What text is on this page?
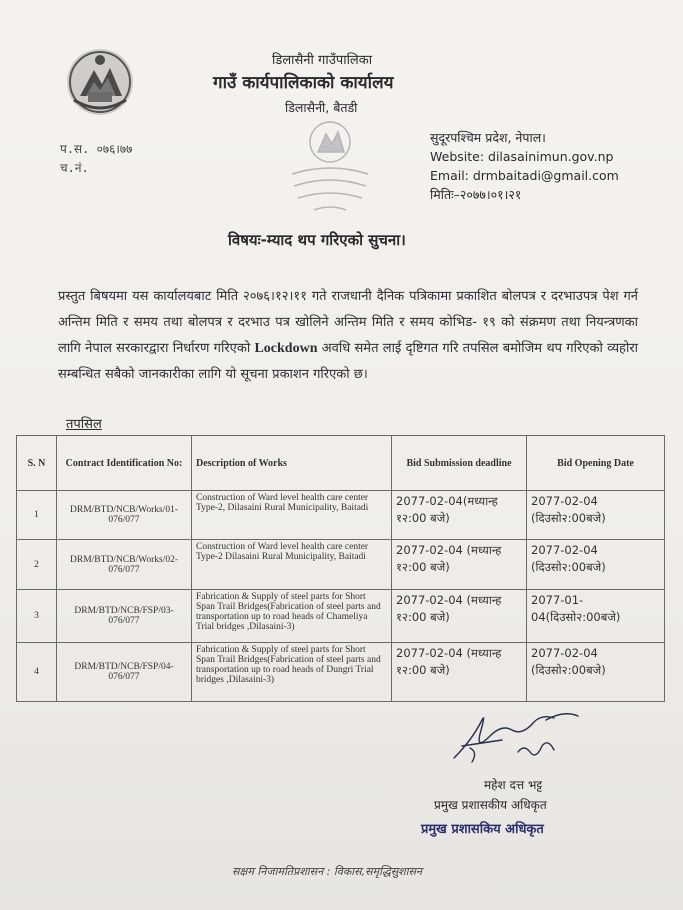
डिलासैनी गाउँपालिका
गाउँ कार्यपालिकाको कार्यालय
डिलासैनी, बैतडी
प.स. ०७६।७७
च.नं.
सुदूरपश्चिम प्रदेश, नेपाल।
Website: dilasainimun.gov.np
Email: drmbaitadi@gmail.com
मितिः–२०७७।०१।२१
विषयः-म्याद थप गरिएको सुचना।
प्रस्तुत बिषयमा यस कार्यालयबाट मिति २०७६।१२।११ गते राजधानी दैनिक पत्रिकामा प्रकाशित बोलपत्र र दरभाउपत्र पेश गर्न अन्तिम मिति र समय तथा बोलपत्र र दरभाउ पत्र खोलिने अन्तिम मिति र समय कोभिड- १९ को संक्रमण तथा नियन्त्रणका लागि नेपाल सरकारद्वारा निर्धारण गरिएको Lockdown अवधि समेत लाई दृष्टिगत गरि तपसिल बमोजिम थप गरिएको व्यहोरा सम्बन्धित सबैको जानकारीका लागि यो सूचना प्रकाशन गरिएको छ।
तपसिल
S. N	Contract Identification No:	Description of Works	Bid Submission deadline	Bid Opening Date
1	DRM/BTD/NCB/Works/01-076/077	Construction of Ward level health care center Type-2, Dilasaini Rural Municipality, Baitadi	2077-02-04(मध्यान्ह १२:00 बजे)	2077-02-04 (दिउसो२:00बजे)
2	DRM/BTD/NCB/Works/02-076/077	Construction of Ward level health care center Type-2 Dilasaini Rural Municipality, Baitadi	2077-02-04 (मध्यान्ह १२:00 बजे)	2077-02-04 (दिउसो२:00बजे)
3	DRM/BTD/NCB/FSP/03-076/077	Fabrication & Supply of steel parts for Short Span Trail Bridges(Fabrication of steel parts and transportation up to road heads of Chameliya Trial bridges ,Dilasaini-3)	2077-02-04 (मध्यान्ह १२:00 बजे)	2077-01-04(दिउसो२:00बजे)
4	DRM/BTD/NCB/FSP/04-076/077	Fabrication & Supply of steel parts for Short Span Trail Bridges(Fabrication of steel parts and transportation up to road heads of Dungri Trial bridges ,Dilasaini-3)	2077-02-04 (मध्यान्ह १२:00 बजे)	2077-02-04 (दिउसो२:00बजे)
महेश दत्त भट्ट
प्रमुख प्रशासकीय अधिकृत
प्रमुख प्रशासकिय अधिकृत
सक्षम निजामतिप्रशासन : विकास,समृद्धिसुशासन
